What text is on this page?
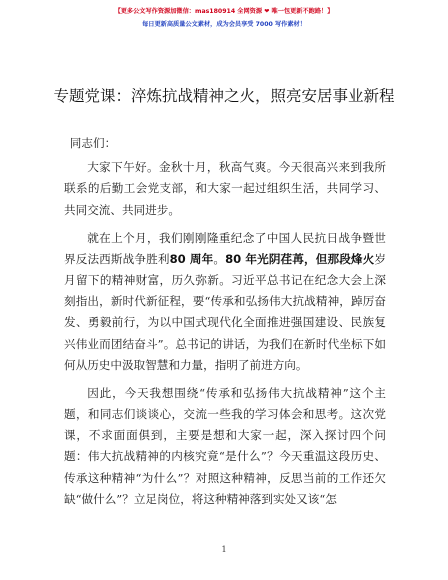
【更多公文写作资源加微信：mas180914 全网资源 ❤ 唯一包更新不跑路！】
每日更新高质量公文素材，成为会员享受 7000 写作素材！
专题党课：淬炼抗战精神之火，照亮安居事业新程

同志们：

大家下午好。金秋十月，秋高气爽。今天很高兴来到我所联系的后勤工会党支部，和大家一起过组织生活，共同学习、共同交流、共同进步。

就在上个月，我们刚刚隆重纪念了中国人民抗日战争暨世界反法西斯战争胜利80 周年。80 年光阴荏苒，但那段烽火岁月留下的精神财富，历久弥新。习近平总书记在纪念大会上深刻指出，新时代新征程，要“传承和弘扬伟大抗战精神，踔厉奋发、勇毅前行，为以中国式现代化全面推进强国建设、民族复兴伟业而团结奋斗”。总书记的讲话，为我们在新时代坐标下如何从历史中汲取智慧和力量，指明了前进方向。

因此，今天我想围绕“传承和弘扬伟大抗战精神”这个主题，和同志们谈谈心，交流一些我的学习体会和思考。这次党课，不求面面俱到，主要是想和大家一起，深入探讨四个问题：伟大抗战精神的内核究竟“是什么”？今天重温这段历史、传承这种精神“为什么”？对照这种精神，反思当前的工作还欠缺“做什么”？立足岗位，将这种精神落到实处又该“怎

1
